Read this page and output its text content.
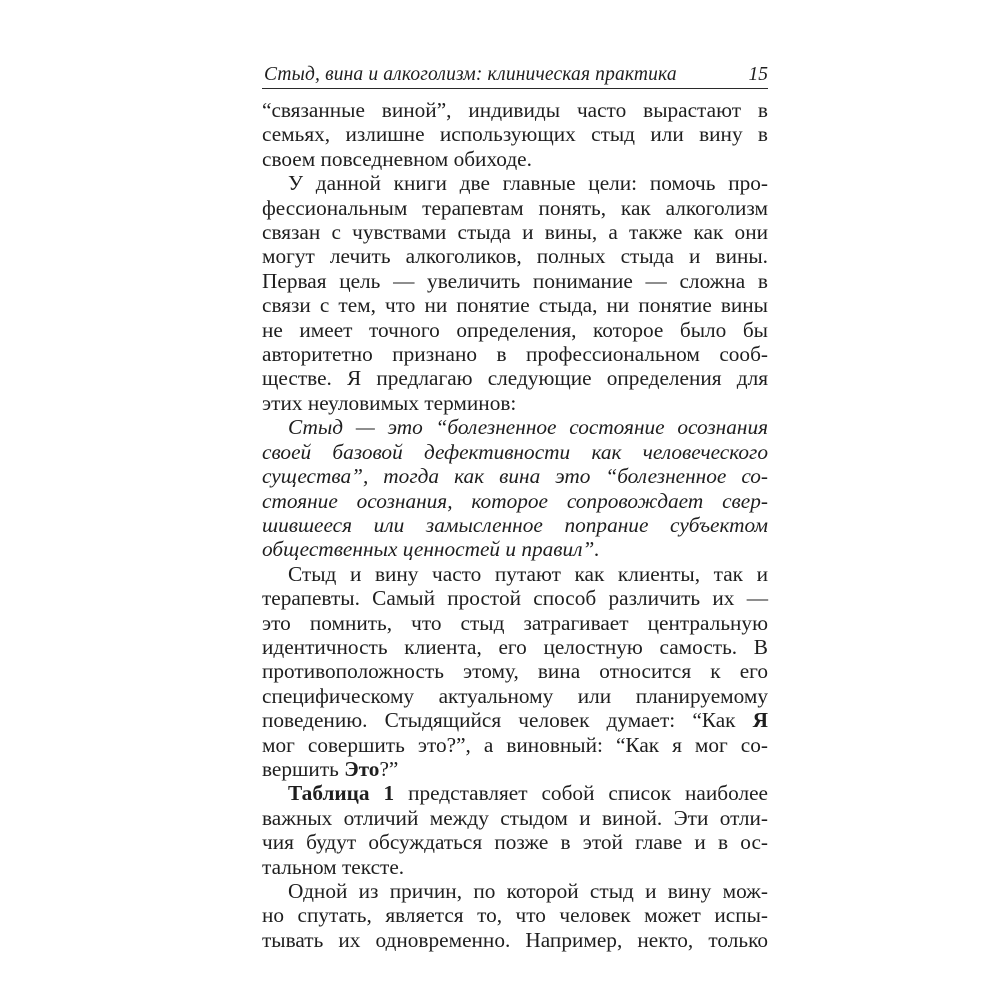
Стыд, вина и алкоголизм: клиническая практика	15

“связанные виной”, индивиды часто вырастают в
семьях, излишне использующих стыд или вину в
своем повседневном обиходе.

У данной книги две главные цели: помочь про-
фессиональным терапевтам понять, как алкоголизм
связан с чувствами стыда и вины, а также как они
могут лечить алкоголиков, полных стыда и вины.
Первая цель — увеличить понимание — сложна в
связи с тем, что ни понятие стыда, ни понятие вины
не имеет точного определения, которое было бы
авторитетно признано в профессиональном сооб-
ществе. Я предлагаю следующие определения для
этих неуловимых терминов:

Стыд — это “болезненное состояние осознания
своей базовой дефективности как человеческого
существа”, тогда как вина это “болезненное со-
стояние осознания, которое сопровождает свер-
шившееся или замысленное попрание субъектом
общественных ценностей и правил”.

Стыд и вину часто путают как клиенты, так и
терапевты. Самый простой способ различить их —
это помнить, что стыд затрагивает центральную
идентичность клиента, его целостную самость. В
противоположность этому, вина относится к его
специфическому актуальному или планируемому
поведению. Стыдящийся человек думает: “Как Я
мог совершить это?”, а виновный: “Как я мог со-
вершить Это?”

Таблица 1 представляет собой список наиболее
важных отличий между стыдом и виной. Эти отли-
чия будут обсуждаться позже в этой главе и в ос-
тальном тексте.

Одной из причин, по которой стыд и вину мож-
но спутать, является то, что человек может испы-
тывать их одновременно. Например, некто, только
